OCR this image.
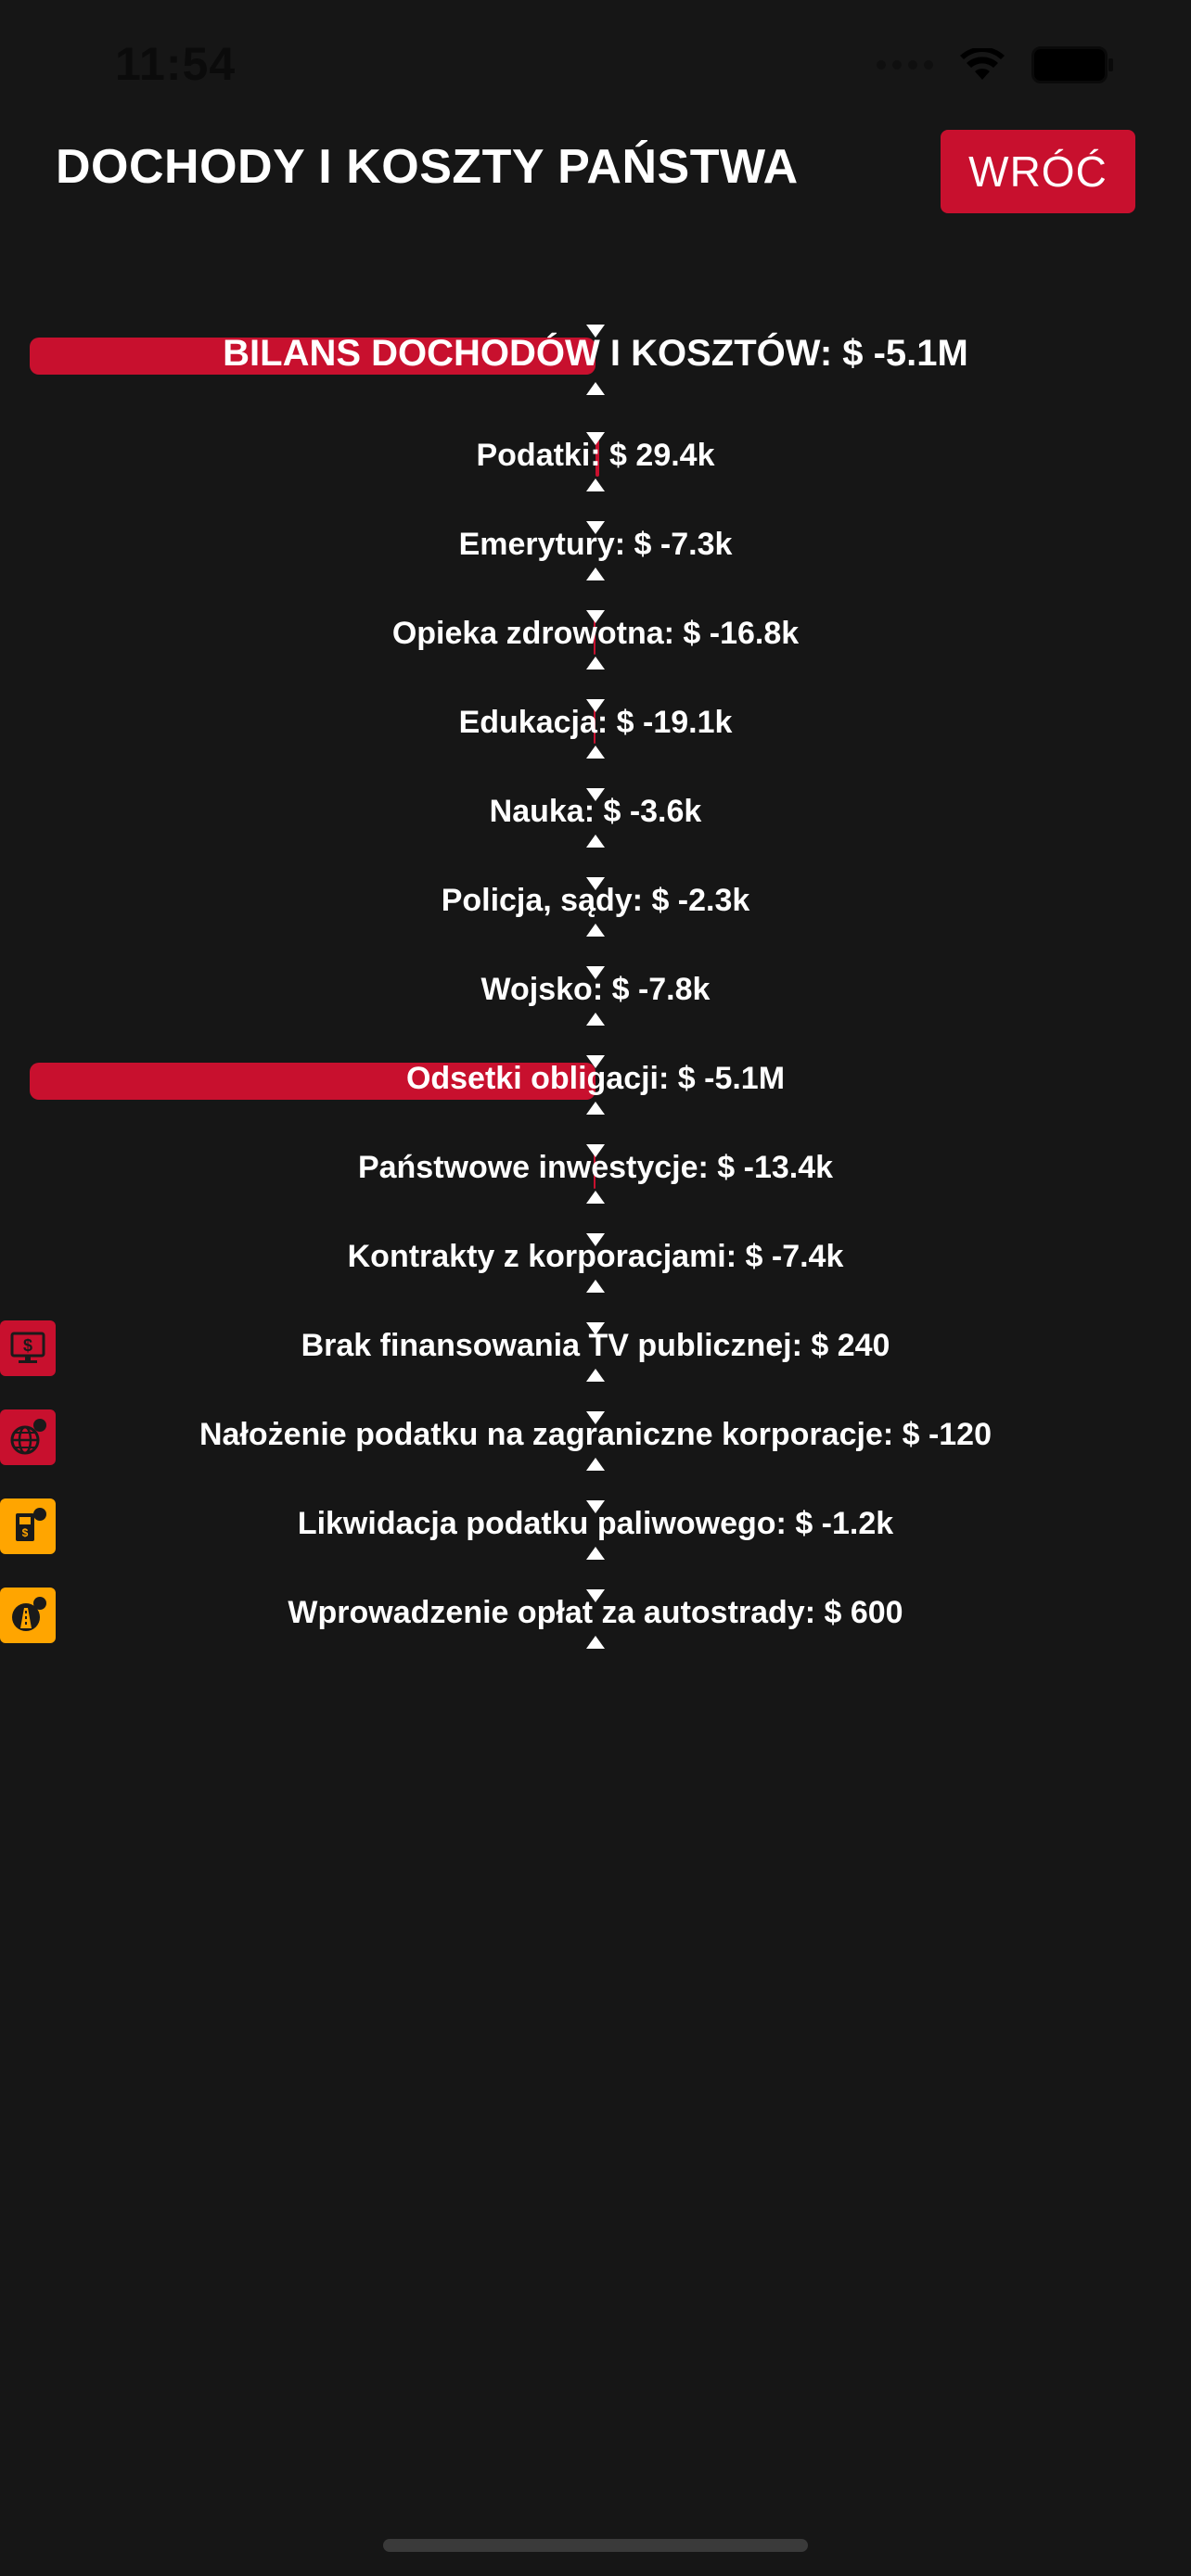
11:54
DOCHODY I KOSZTY PAŃSTWA	WRÓĆ
BILANS DOCHODÓW I KOSZTÓW: $ -5.1M
Podatki: $ 29.4k
Emerytury: $ -7.3k
Opieka zdrowotna: $ -16.8k
Edukacja: $ -19.1k
Nauka: $ -3.6k
Policja, sądy: $ -2.3k
Wojsko: $ -7.8k
Odsetki obligacji: $ -5.1M
Państwowe inwestycje: $ -13.4k
Kontrakty z korporacjami: $ -7.4k
Brak finansowania TV publicznej: $ 240
$
Nałożenie podatku na zagraniczne korporacje: $ -120
Likwidacja podatku paliwowego: $ -1.2k
$
Wprowadzenie opłat za autostrady: $ 600
